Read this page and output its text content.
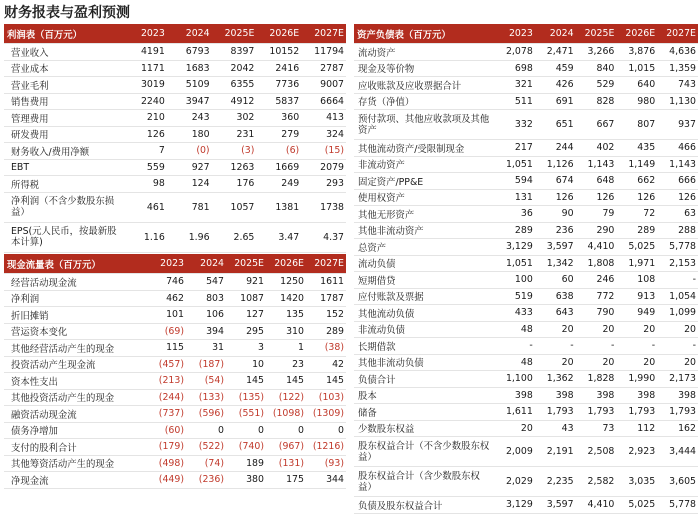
财务报表与盈利预测
利润表（百万元）	2023	2024	2025E	2026E	2027E
营业收入	4191	6793	8397	10152	11794
营业成本	1171	1683	2042	2416	2787
营业毛利	3019	5109	6355	7736	9007
销售费用	2240	3947	4912	5837	6664
管理费用	210	243	302	360	413
研发费用	126	180	231	279	324
财务收入/费用净额	7	(0)	(3)	(6)	(15)
EBT	559	927	1263	1669	2079
所得税	98	124	176	249	293
净利润（不含少数股东损益）	461	781	1057	1381	1738
EPS(元人民币，按最新股本计算)	1.16	1.96	2.65	3.47	4.37
现金流量表（百万元）	2023	2024	2025E	2026E	2027E
经营活动现金流	746	547	921	1250	1611
净利润	462	803	1087	1420	1787
折旧摊销	101	106	127	135	152
营运资本变化	(69)	394	295	310	289
其他经营活动产生的现金	115	31	3	1	(38)
投资活动产生现金流	(457)	(187)	10	23	42
资本性支出	(213)	(54)	145	145	145
其他投资活动产生的现金	(244)	(133)	(135)	(122)	(103)
融资活动现金流	(737)	(596)	(551)	(1098)	(1309)
债务净增加	(60)	0	0	0	0
支付的股利合计	(179)	(522)	(740)	(967)	(1216)
其他筹资活动产生的现金	(498)	(74)	189	(131)	(93)
净现金流	(449)	(236)	380	175	344
资产负债表（百万元）	2023	2024	2025E	2026E	2027E
流动资产	2,078	2,471	3,266	3,876	4,636
现金及等价物	698	459	840	1,015	1,359
应收账款及应收票据合计	321	426	529	640	743
存货（净值）	511	691	828	980	1,130
预付款项、其他应收款项及其他资产	332	651	667	807	937
其他流动资产/受限制现金	217	244	402	435	466
非流动资产	1,051	1,126	1,143	1,149	1,143
固定资产/PP&E	594	674	648	662	666
使用权资产	131	126	126	126	126
其他无形资产	36	90	79	72	63
其他非流动资产	289	236	290	289	288
总资产	3,129	3,597	4,410	5,025	5,778
流动负债	1,051	1,342	1,808	1,971	2,153
短期借贷	100	60	246	108	-
应付账款及票据	519	638	772	913	1,054
其他流动负债	433	643	790	949	1,099
非流动负债	48	20	20	20	20
长期借款	-	-	-	-	-
其他非流动负债	48	20	20	20	20
负债合计	1,100	1,362	1,828	1,990	2,173
股本	398	398	398	398	398
储备	1,611	1,793	1,793	1,793	1,793
少数股东权益	20	43	73	112	162
股东权益合计（不含少数股东权益）	2,009	2,191	2,508	2,923	3,444
股东权益合计（含少数股东权益）	2,029	2,235	2,582	3,035	3,605
负债及股东权益合计	3,129	3,597	4,410	5,025	5,778
